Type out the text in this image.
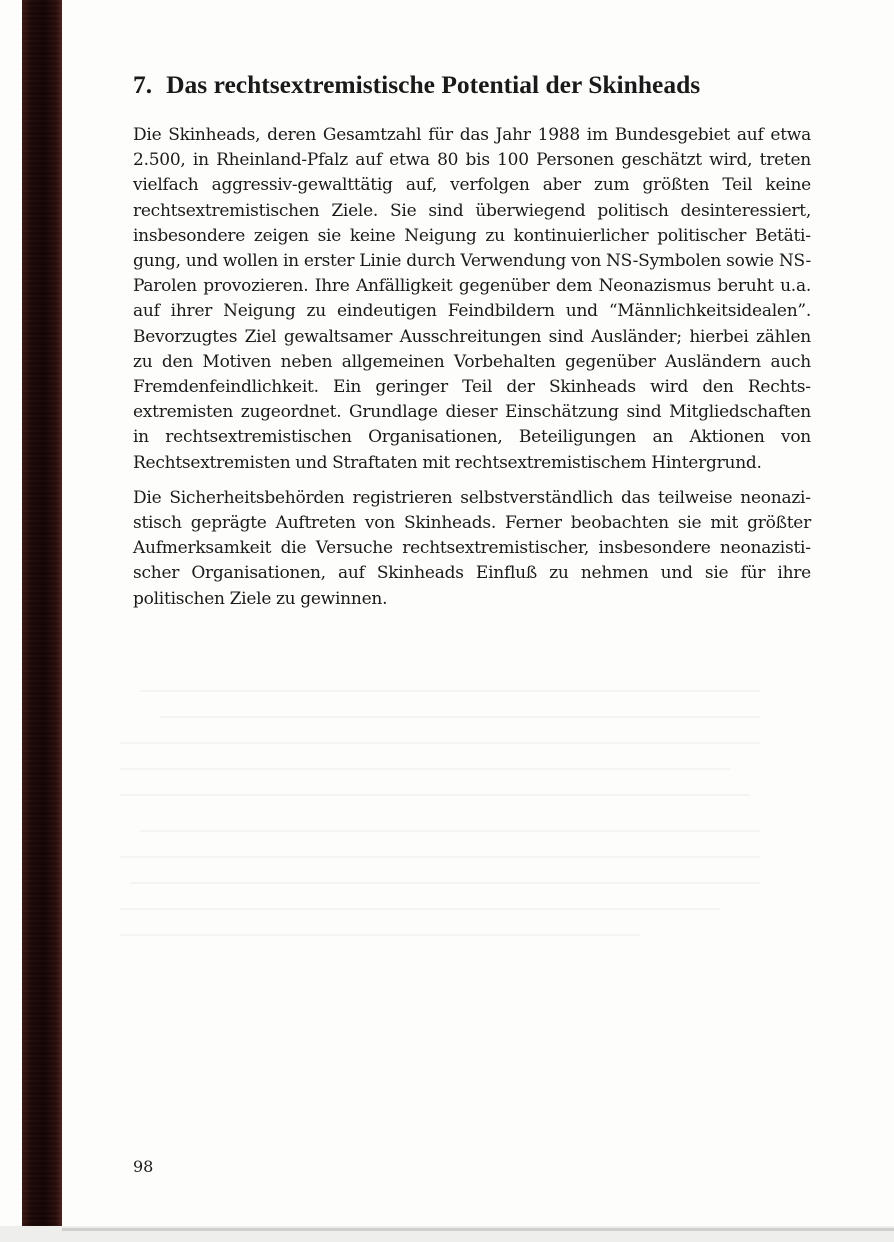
7. Das rechtsextremistische Potential der Skinheads

Die Skinheads, deren Gesamtzahl für das Jahr 1988 im Bundesgebiet auf etwa 2.500, in Rheinland-Pfalz auf etwa 80 bis 100 Personen geschätzt wird, treten vielfach aggressiv-gewalttätig auf, verfolgen aber zum größten Teil keine rechtsextremistischen Ziele. Sie sind überwiegend politisch desinteressiert, insbesondere zeigen sie keine Neigung zu kontinuierlicher politischer Betätigung, und wollen in erster Linie durch Verwendung von NS-Symbolen sowie NS-Parolen provozieren. Ihre Anfälligkeit gegenüber dem Neonazismus beruht u.a. auf ihrer Neigung zu eindeutigen Feindbildern und “Männlichkeitsidealen”. Bevorzugtes Ziel gewaltsamer Ausschreitungen sind Ausländer; hierbei zählen zu den Motiven neben allgemeinen Vorbehalten gegenüber Ausländern auch Fremdenfeindlichkeit. Ein geringer Teil der Skinheads wird den Rechtsextremisten zugeordnet. Grundlage dieser Einschätzung sind Mitgliedschaften in rechtsextremistischen Organisationen, Beteiligungen an Aktionen von Rechtsextremisten und Straftaten mit rechtsextremistischem Hintergrund.

Die Sicherheitsbehörden registrieren selbstverständlich das teilweise neonazistisch geprägte Auftreten von Skinheads. Ferner beobachten sie mit größter Aufmerksamkeit die Versuche rechtsextremistischer, insbesondere neonazistischer Organisationen, auf Skinheads Einfluß zu nehmen und sie für ihre politischen Ziele zu gewinnen.

98
